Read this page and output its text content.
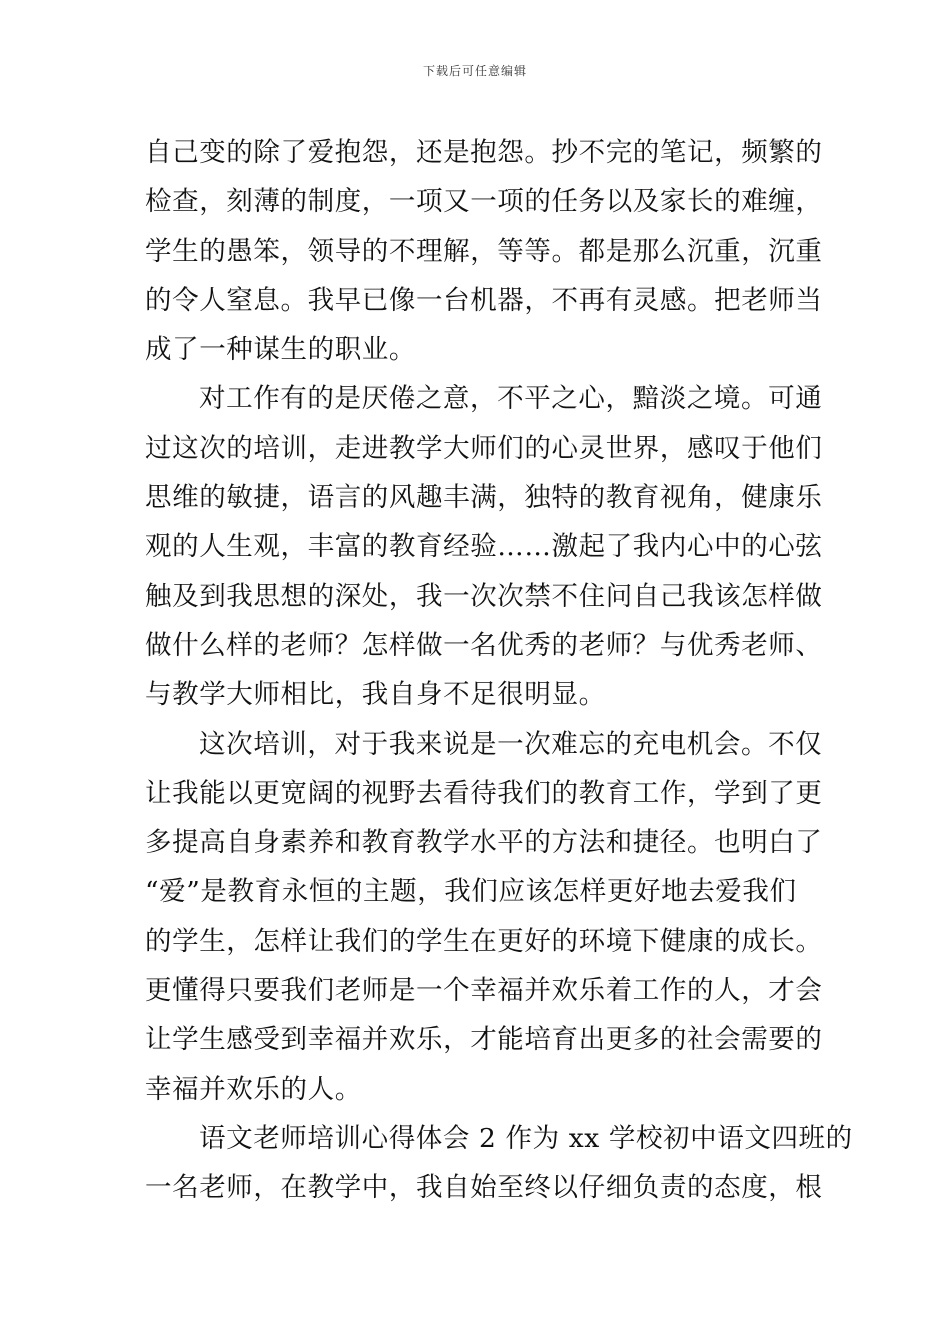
下载后可任意编辑
自己变的除了爱抱怨，还是抱怨。抄不完的笔记，频繁的
检查，刻薄的制度，一项又一项的任务以及家长的难缠，
学生的愚笨，领导的不理解，等等。都是那么沉重，沉重
的令人窒息。我早已像一台机器，不再有灵感。把老师当
成了一种谋生的职业。
对工作有的是厌倦之意，不平之心，黯淡之境。可通
过这次的培训，走进教学大师们的心灵世界，感叹于他们
思维的敏捷，语言的风趣丰满，独特的教育视角，健康乐
观的人生观，丰富的教育经验……激起了我内心中的心弦
触及到我思想的深处，我一次次禁不住问自己我该怎样做
做什么样的老师？怎样做一名优秀的老师？与优秀老师、
与教学大师相比，我自身不足很明显。
这次培训，对于我来说是一次难忘的充电机会。不仅
让我能以更宽阔的视野去看待我们的教育工作，学到了更
多提高自身素养和教育教学水平的方法和捷径。也明白了
“爱”是教育永恒的主题，我们应该怎样更好地去爱我们
的学生，怎样让我们的学生在更好的环境下健康的成长。
更懂得只要我们老师是一个幸福并欢乐着工作的人，才会
让学生感受到幸福并欢乐，才能培育出更多的社会需要的
幸福并欢乐的人。
语文老师培训心得体会 2 作为 xx 学校初中语文四班的
一名老师，在教学中，我自始至终以仔细负责的态度，根
